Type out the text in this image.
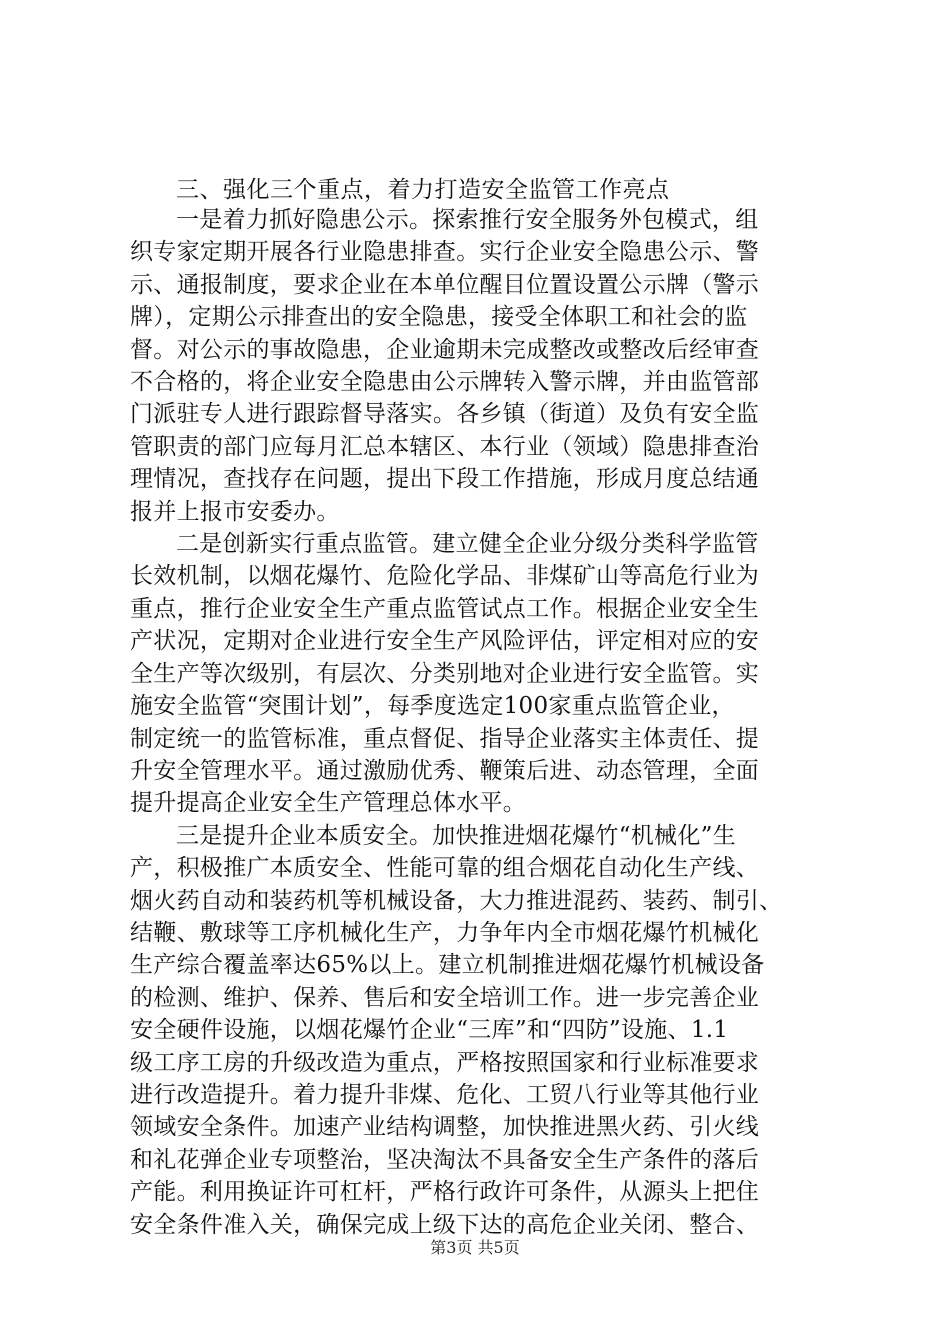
三、强化三个重点，着力打造安全监管工作亮点

一是着力抓好隐患公示。探索推行安全服务外包模式，组
织专家定期开展各行业隐患排查。实行企业安全隐患公示、警
示、通报制度，要求企业在本单位醒目位置设置公示牌（警示
牌），定期公示排查出的安全隐患，接受全体职工和社会的监
督。对公示的事故隐患，企业逾期未完成整改或整改后经审查
不合格的，将企业安全隐患由公示牌转入警示牌，并由监管部
门派驻专人进行跟踪督导落实。各乡镇（街道）及负有安全监
管职责的部门应每月汇总本辖区、本行业（领域）隐患排查治
理情况，查找存在问题，提出下段工作措施，形成月度总结通
报并上报市安委办。
二是创新实行重点监管。建立健全企业分级分类科学监管
长效机制，以烟花爆竹、危险化学品、非煤矿山等高危行业为
重点，推行企业安全生产重点监管试点工作。根据企业安全生
产状况，定期对企业进行安全生产风险评估，评定相对应的安
全生产等次级别，有层次、分类别地对企业进行安全监管。实
施安全监管“突围计划”，每季度选定100家重点监管企业，
制定统一的监管标准，重点督促、指导企业落实主体责任、提
升安全管理水平。通过激励优秀、鞭策后进、动态管理，全面
提升提高企业安全生产管理总体水平。
三是提升企业本质安全。加快推进烟花爆竹“机械化”生
产，积极推广本质安全、性能可靠的组合烟花自动化生产线、
烟火药自动和装药机等机械设备，大力推进混药、装药、制引、
结鞭、敷球等工序机械化生产，力争年内全市烟花爆竹机械化
生产综合覆盖率达65%以上。建立机制推进烟花爆竹机械设备
的检测、维护、保养、售后和安全培训工作。进一步完善企业
安全硬件设施，以烟花爆竹企业“三库”和“四防”设施、1.1
级工序工房的升级改造为重点，严格按照国家和行业标准要求
进行改造提升。着力提升非煤、危化、工贸八行业等其他行业
领域安全条件。加速产业结构调整，加快推进黑火药、引火线
和礼花弹企业专项整治，坚决淘汰不具备安全生产条件的落后
产能。利用换证许可杠杆，严格行政许可条件，从源头上把住
安全条件准入关，确保完成上级下达的高危企业关闭、整合、
第3页 共5页
